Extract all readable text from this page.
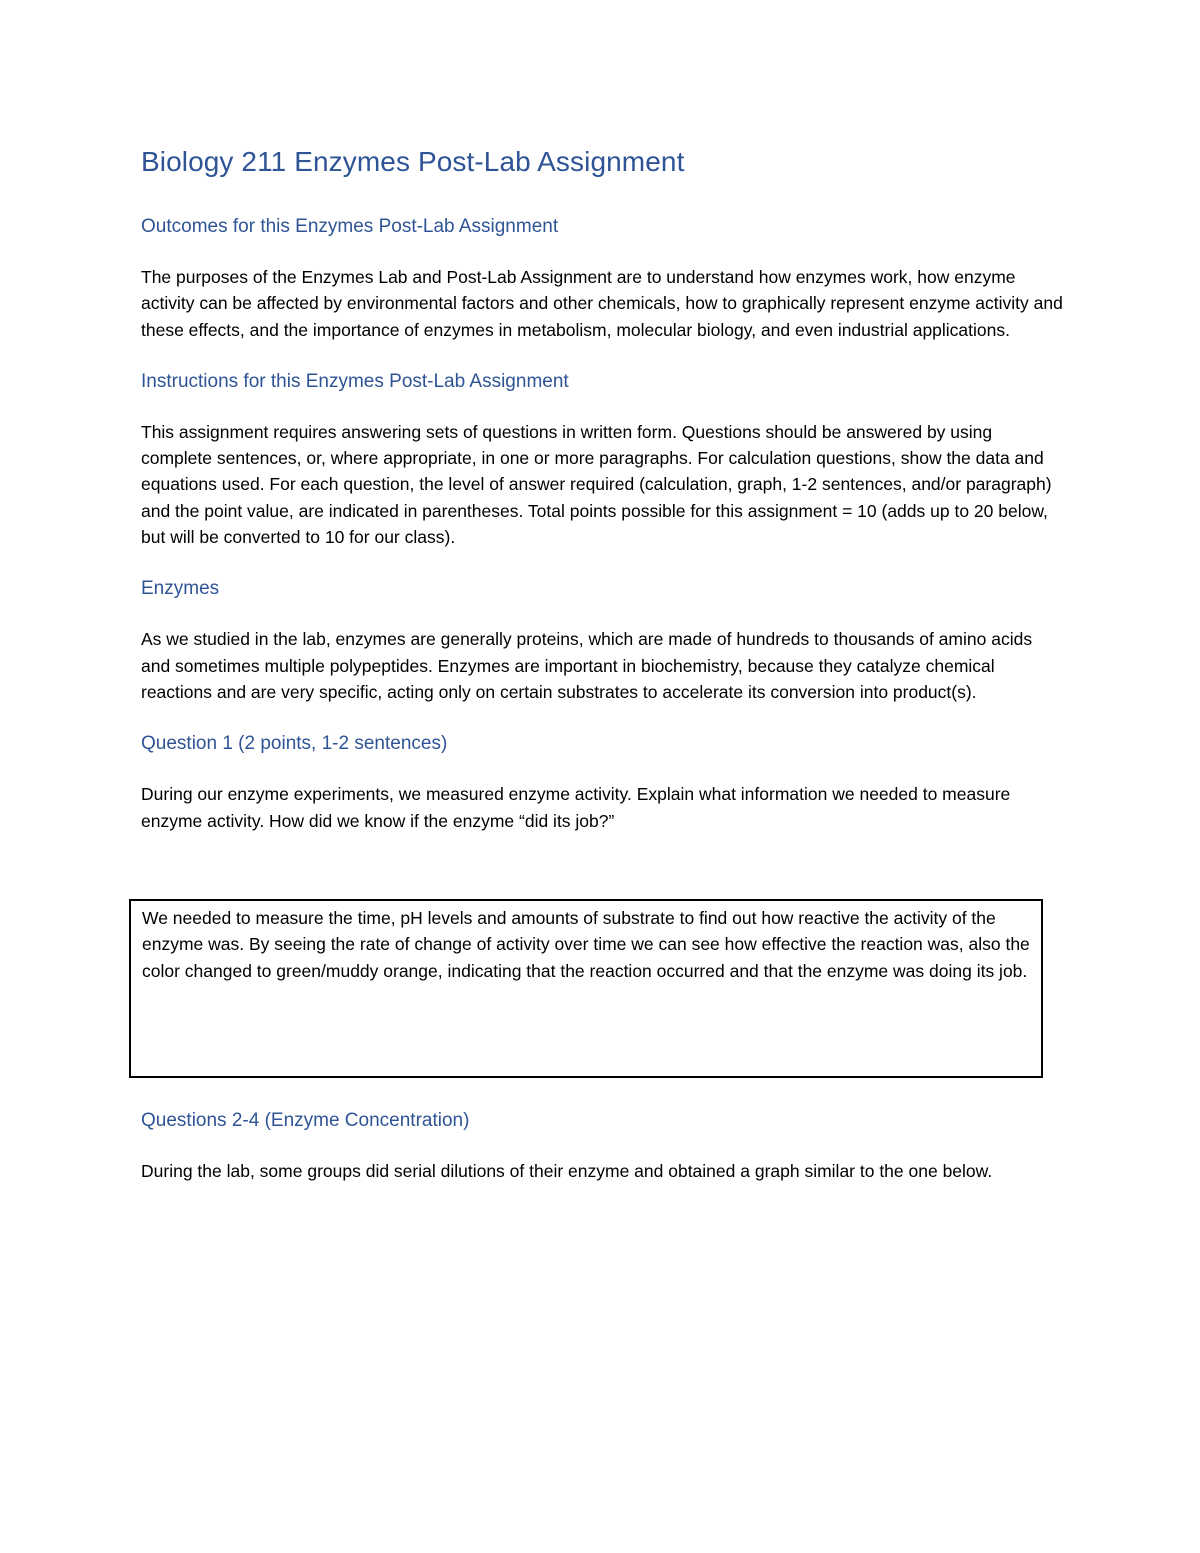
Biology 211 Enzymes Post-Lab Assignment
Outcomes for this Enzymes Post-Lab Assignment

The purposes of the Enzymes Lab and Post-Lab Assignment are to understand how enzymes work, how enzyme activity can be affected by environmental factors and other chemicals, how to graphically represent enzyme activity and these effects, and the importance of enzymes in metabolism, molecular biology, and even industrial applications.

Instructions for this Enzymes Post-Lab Assignment

This assignment requires answering sets of questions in written form. Questions should be answered by using complete sentences, or, where appropriate, in one or more paragraphs. For calculation questions, show the data and equations used. For each question, the level of answer required (calculation, graph, 1-2 sentences, and/or paragraph) and the point value, are indicated in parentheses. Total points possible for this assignment = 10 (adds up to 20 below, but will be converted to 10 for our class).

Enzymes

As we studied in the lab, enzymes are generally proteins, which are made of hundreds to thousands of amino acids and sometimes multiple polypeptides. Enzymes are important in biochemistry, because they catalyze chemical reactions and are very specific, acting only on certain substrates to accelerate its conversion into product(s).

Question 1 (2 points, 1-2 sentences)

During our enzyme experiments, we measured enzyme activity. Explain what information we needed to measure enzyme activity. How did we know if the enzyme “did its job?”

We needed to measure the time, pH levels and amounts of substrate to find out how reactive the activity of the enzyme was. By seeing the rate of change of activity over time we can see how effective the reaction was, also the color changed to green/muddy orange, indicating that the reaction occurred and that the enzyme was doing its job.

Questions 2-4 (Enzyme Concentration)

During the lab, some groups did serial dilutions of their enzyme and obtained a graph similar to the one below.
